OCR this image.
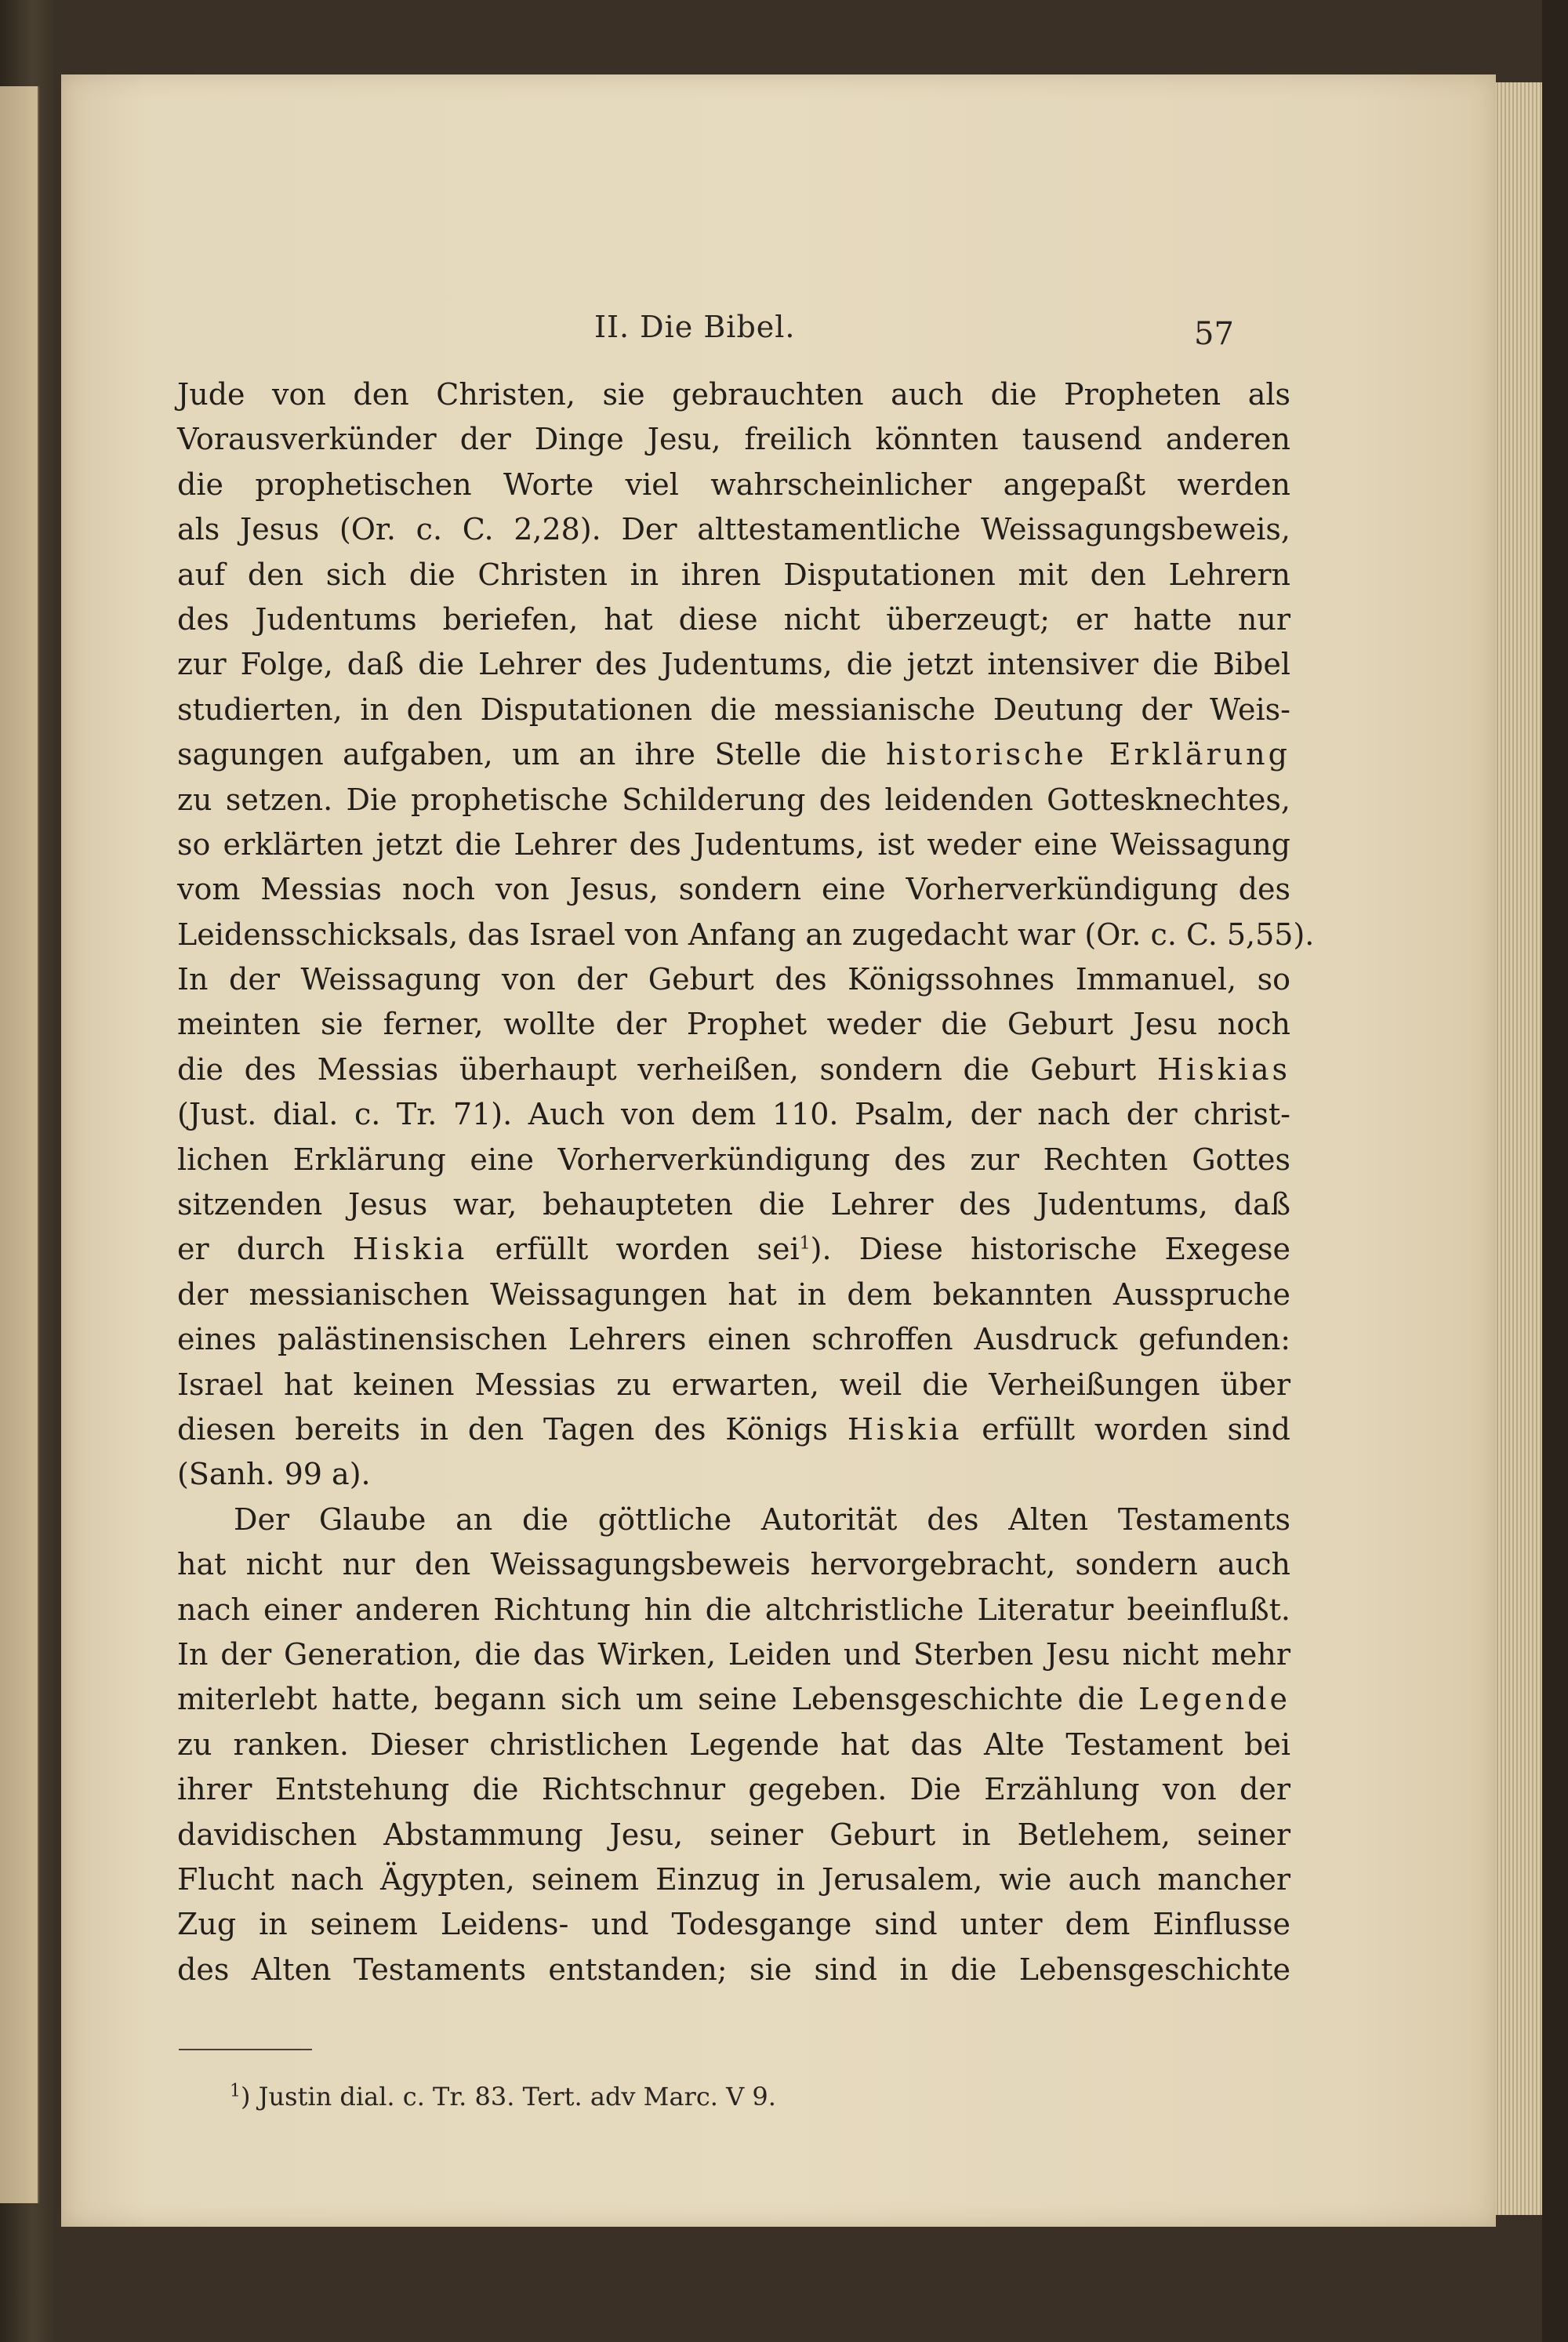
II. Die Bibel.	57
Jude von den Christen, sie gebrauchten auch die Propheten als
Vorausverkünder der Dinge Jesu, freilich könnten tausend anderen
die prophetischen Worte viel wahrscheinlicher angepaßt werden
als Jesus (Or. c. C. 2,28). Der alttestamentliche Weissagungsbeweis,
auf den sich die Christen in ihren Disputationen mit den Lehrern
des Judentums beriefen, hat diese nicht überzeugt; er hatte nur
zur Folge, daß die Lehrer des Judentums, die jetzt intensiver die Bibel
studierten, in den Disputationen die messianische Deutung der Weis-
sagungen aufgaben, um an ihre Stelle die historische Erklärung
zu setzen. Die prophetische Schilderung des leidenden Gottesknechtes,
so erklärten jetzt die Lehrer des Judentums, ist weder eine Weissagung
vom Messias noch von Jesus, sondern eine Vorherverkündigung des
Leidensschicksals, das Israel von Anfang an zugedacht war (Or. c. C. 5,55).
In der Weissagung von der Geburt des Königssohnes Immanuel, so
meinten sie ferner, wollte der Prophet weder die Geburt Jesu noch
die des Messias überhaupt verheißen, sondern die Geburt Hiskias
(Just. dial. c. Tr. 71). Auch von dem 110. Psalm, der nach der christ-
lichen Erklärung eine Vorherverkündigung des zur Rechten Gottes
sitzenden Jesus war, behaupteten die Lehrer des Judentums, daß
er durch Hiskia erfüllt worden sei$^1$). Diese historische Exegese
der messianischen Weissagungen hat in dem bekannten Ausspruche
eines palästinensischen Lehrers einen schroffen Ausdruck gefunden:
Israel hat keinen Messias zu erwarten, weil die Verheißungen über
diesen bereits in den Tagen des Königs Hiskia erfüllt worden sind
(Sanh. 99 a).
Der Glaube an die göttliche Autorität des Alten Testaments
hat nicht nur den Weissagungsbeweis hervorgebracht, sondern auch
nach einer anderen Richtung hin die altchristliche Literatur beeinflußt.
In der Generation, die das Wirken, Leiden und Sterben Jesu nicht mehr
miterlebt hatte, begann sich um seine Lebensgeschichte die Legende
zu ranken. Dieser christlichen Legende hat das Alte Testament bei
ihrer Entstehung die Richtschnur gegeben. Die Erzählung von der
davidischen Abstammung Jesu, seiner Geburt in Betlehem, seiner
Flucht nach Ägypten, seinem Einzug in Jerusalem, wie auch mancher
Zug in seinem Leidens- und Todesgange sind unter dem Einflusse
des Alten Testaments entstanden; sie sind in die Lebensgeschichte
$^1$) Justin dial. c. Tr. 83. Tert. adv Marc. V 9.
